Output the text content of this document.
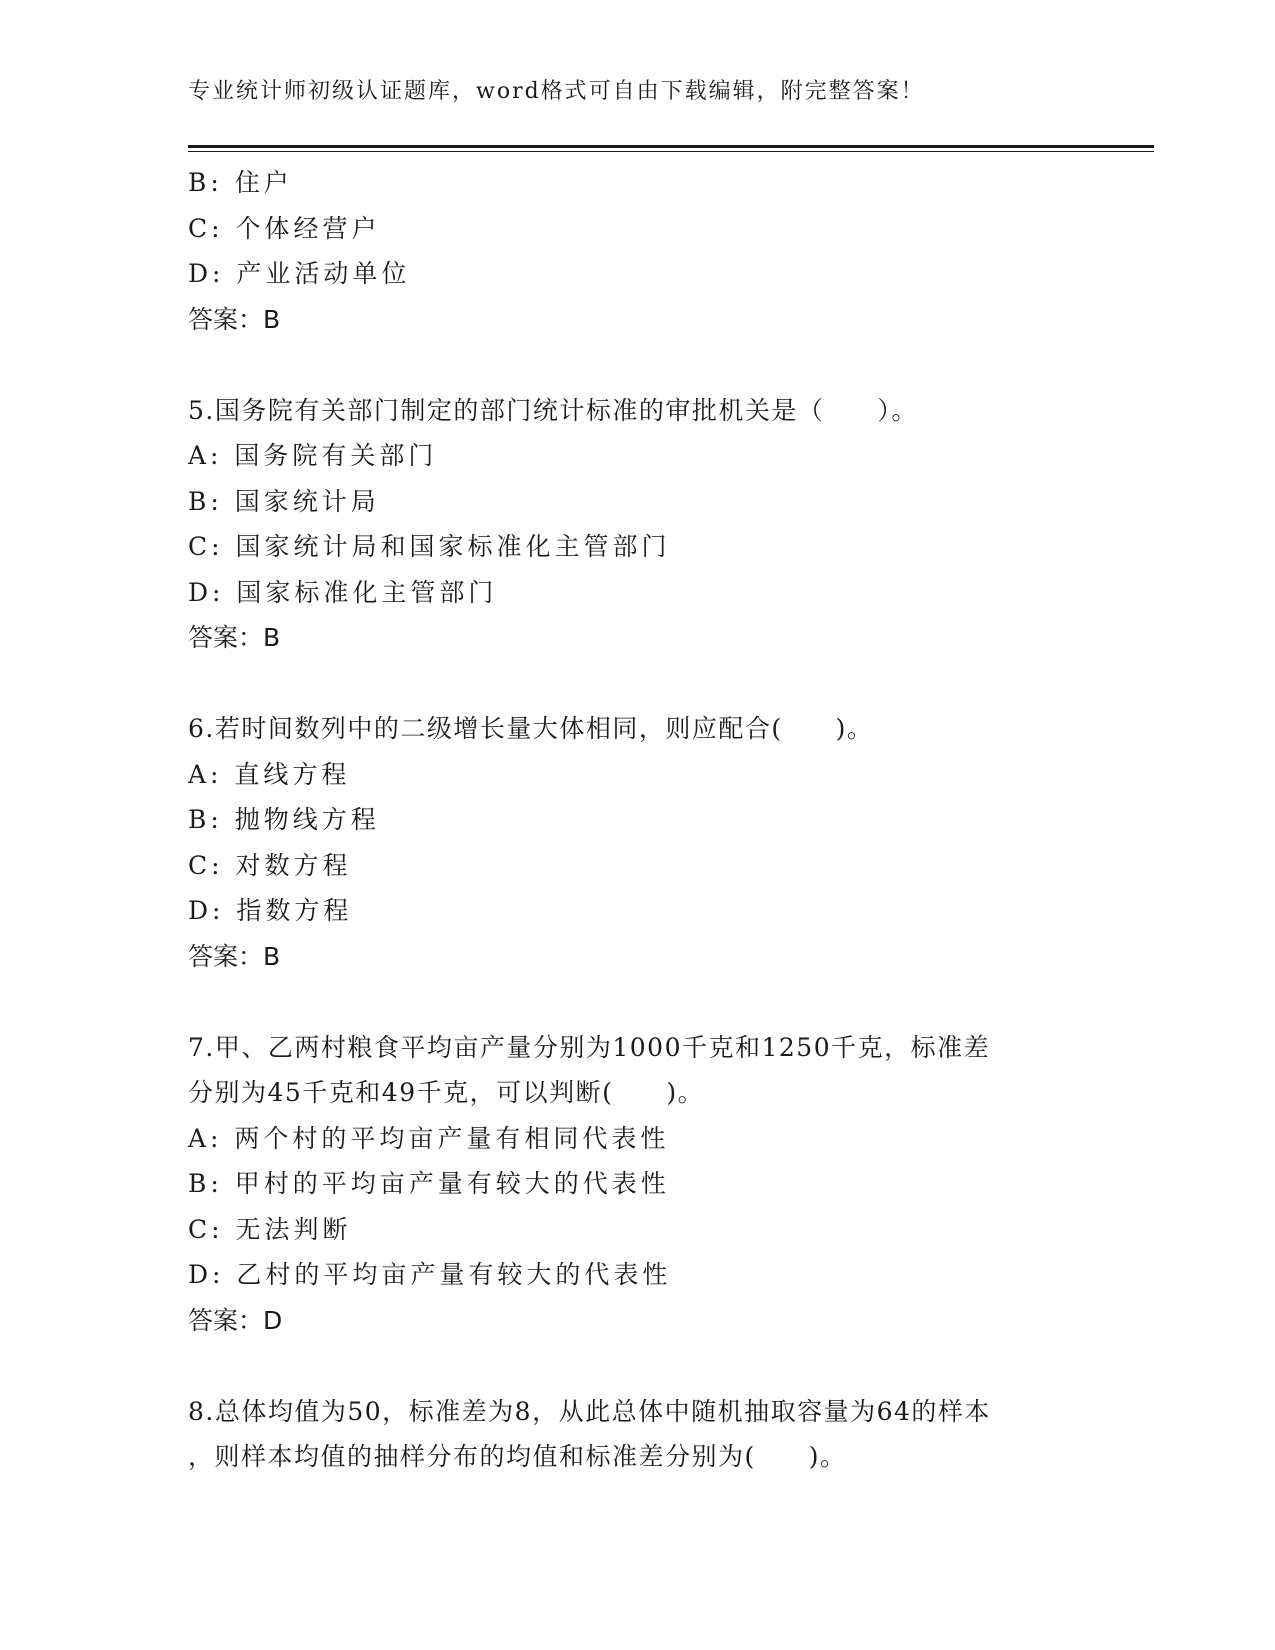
专业统计师初级认证题库，word格式可自由下载编辑，附完整答案！
B: 住户
C: 个体经营户
D: 产业活动单位
答案：B
5.国务院有关部门制定的部门统计标准的审批机关是（　　）。
A: 国务院有关部门
B: 国家统计局
C: 国家统计局和国家标准化主管部门
D: 国家标准化主管部门
答案：B
6.若时间数列中的二级增长量大体相同，则应配合(　　)。
A: 直线方程
B: 抛物线方程
C: 对数方程
D: 指数方程
答案：B
7.甲、乙两村粮食平均亩产量分别为1000千克和1250千克，标准差
分别为45千克和49千克，可以判断(　　)。
A: 两个村的平均亩产量有相同代表性
B: 甲村的平均亩产量有较大的代表性
C: 无法判断
D: 乙村的平均亩产量有较大的代表性
答案：D
8.总体均值为50，标准差为8，从此总体中随机抽取容量为64的样本
，则样本均值的抽样分布的均值和标准差分别为(　　)。
